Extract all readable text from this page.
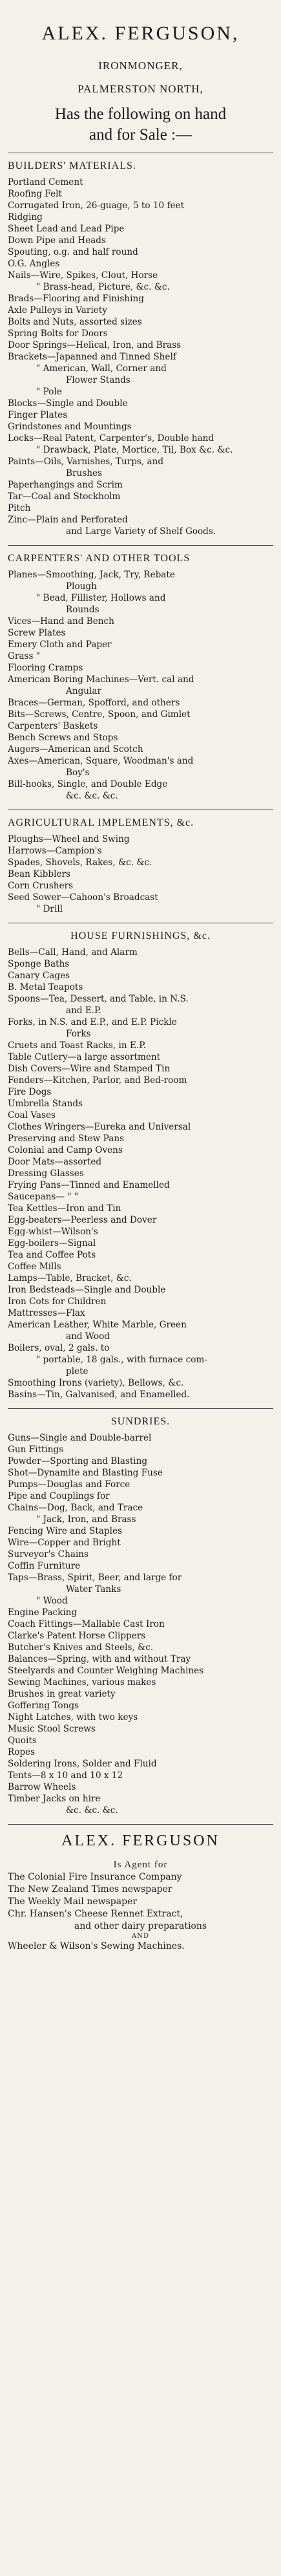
ALEX. FERGUSON,
IRONMONGER,
PALMERSTON NORTH,
Has the following on hand
and for Sale :—
BUILDERS' MATERIALS.
Portland Cement
Roofing Felt
Corrugated Iron, 26-guage, 5 to 10 feet
Ridging
Sheet Lead and Lead Pipe
Down Pipe and Heads
Spouting, o.g. and half round
O.G. Angles
Nails—Wire, Spikes, Clout, Horse
" Brass-head, Picture, &c. &c.
Brads—Flooring and Finishing
Axle Pulleys in Variety
Bolts and Nuts, assorted sizes
Spring Bolts for Doors
Door Springs—Helical, Iron, and Brass
Brackets—Japanned and Tinned Shelf
" American, Wall, Corner and
Flower Stands
" Pole
Blocks—Single and Double
Finger Plates
Grindstones and Mountings
Locks—Real Patent, Carpenter's, Double hand
" Drawback, Plate, Mortice, Til, Box &c. &c.
Paints—Oils, Varnishes, Turps, and
Brushes
Paperhangings and Scrim
Tar—Coal and Stockholm
Pitch
Zinc—Plain and Perforated
and Large Variety of Shelf Goods.
CARPENTERS' AND OTHER TOOLS
Planes—Smoothing, Jack, Try, Rebate
Plough
" Bead, Fillister, Hollows and
Rounds
Vices—Hand and Bench
Screw Plates
Emery Cloth and Paper
Grass "
Flooring Cramps
American Boring Machines—Vert. cal and
Angular
Braces—German, Spofford, and others
Bits—Screws, Centre, Spoon, and Gimlet
Carpenters' Baskets
Bench Screws and Stops
Augers—American and Scotch
Axes—American, Square, Woodman's and
Boy's
Bill-hooks, Single, and Double Edge
&c. &c. &c.
AGRICULTURAL IMPLEMENTS, &c.
Ploughs—Wheel and Swing
Harrows—Campion's
Spades, Shovels, Rakes, &c. &c.
Bean Kibblers
Corn Crushers
Seed Sower—Cahoon's Broadcast
" Drill
HOUSE FURNISHINGS, &c.
Bells—Call, Hand, and Alarm
Sponge Baths
Canary Cages
B. Metal Teapots
Spoons—Tea, Dessert, and Table, in N.S.
and E.P.
Forks, in N.S. and E.P., and E.P. Pickle
Forks
Cruets and Toast Racks, in E.P.
Table Cutlery—a large assortment
Dish Covers—Wire and Stamped Tin
Fenders—Kitchen, Parlor, and Bed-room
Fire Dogs
Umbrella Stands
Coal Vases
Clothes Wringers—Eureka and Universal
Preserving and Stew Pans
Colonial and Camp Ovens
Door Mats—assorted
Dressing Glasses
Frying Pans—Tinned and Enamelled
Saucepans— " "
Tea Kettles—Iron and Tin
Egg-beaters—Peerless and Dover
Egg-whist—Wilson's
Egg-boilers—Signal
Tea and Coffee Pots
Coffee Mills
Lamps—Table, Bracket, &c.
Iron Bedsteads—Single and Double
Iron Cots for Children
Mattresses—Flax
American Leather, White Marble, Green
and Wood
Boilers, oval, 2 gals. to
" portable, 18 gals., with furnace com-
plete
Smoothing Irons (variety), Bellows, &c.
Basins—Tin, Galvanised, and Enamelled.
SUNDRIES.
Guns—Single and Double-barrel
Gun Fittings
Powder—Sporting and Blasting
Shot—Dynamite and Blasting Fuse
Pumps—Douglas and Force
Pipe and Couplings for
Chains—Dog, Back, and Trace
" Jack, Iron, and Brass
Fencing Wire and Staples
Wire—Copper and Bright
Surveyor's Chains
Coffin Furniture
Taps—Brass, Spirit, Beer, and large for
Water Tanks
" Wood
Engine Packing
Coach Fittings—Mallable Cast Iron
Clarke's Patent Horse Clippers
Butcher's Knives and Steels, &c.
Balances—Spring, with and without Tray
Steelyards and Counter Weighing Machines
Sewing Machines, various makes
Brushes in great variety
Goffering Tongs
Night Latches, with two keys
Music Stool Screws
Quoits
Ropes
Soldering Irons, Solder and Fluid
Tents—8 x 10 and 10 x 12
Barrow Wheels
Timber Jacks on hire
&c. &c. &c.
ALEX. FERGUSON
Is Agent for
The Colonial Fire Insurance Company
The New Zealand Times newspaper
The Weekly Mail newspaper
Chr. Hansen's Cheese Rennet Extract,
and other dairy preparations
AND
Wheeler & Wilson's Sewing Machines.
